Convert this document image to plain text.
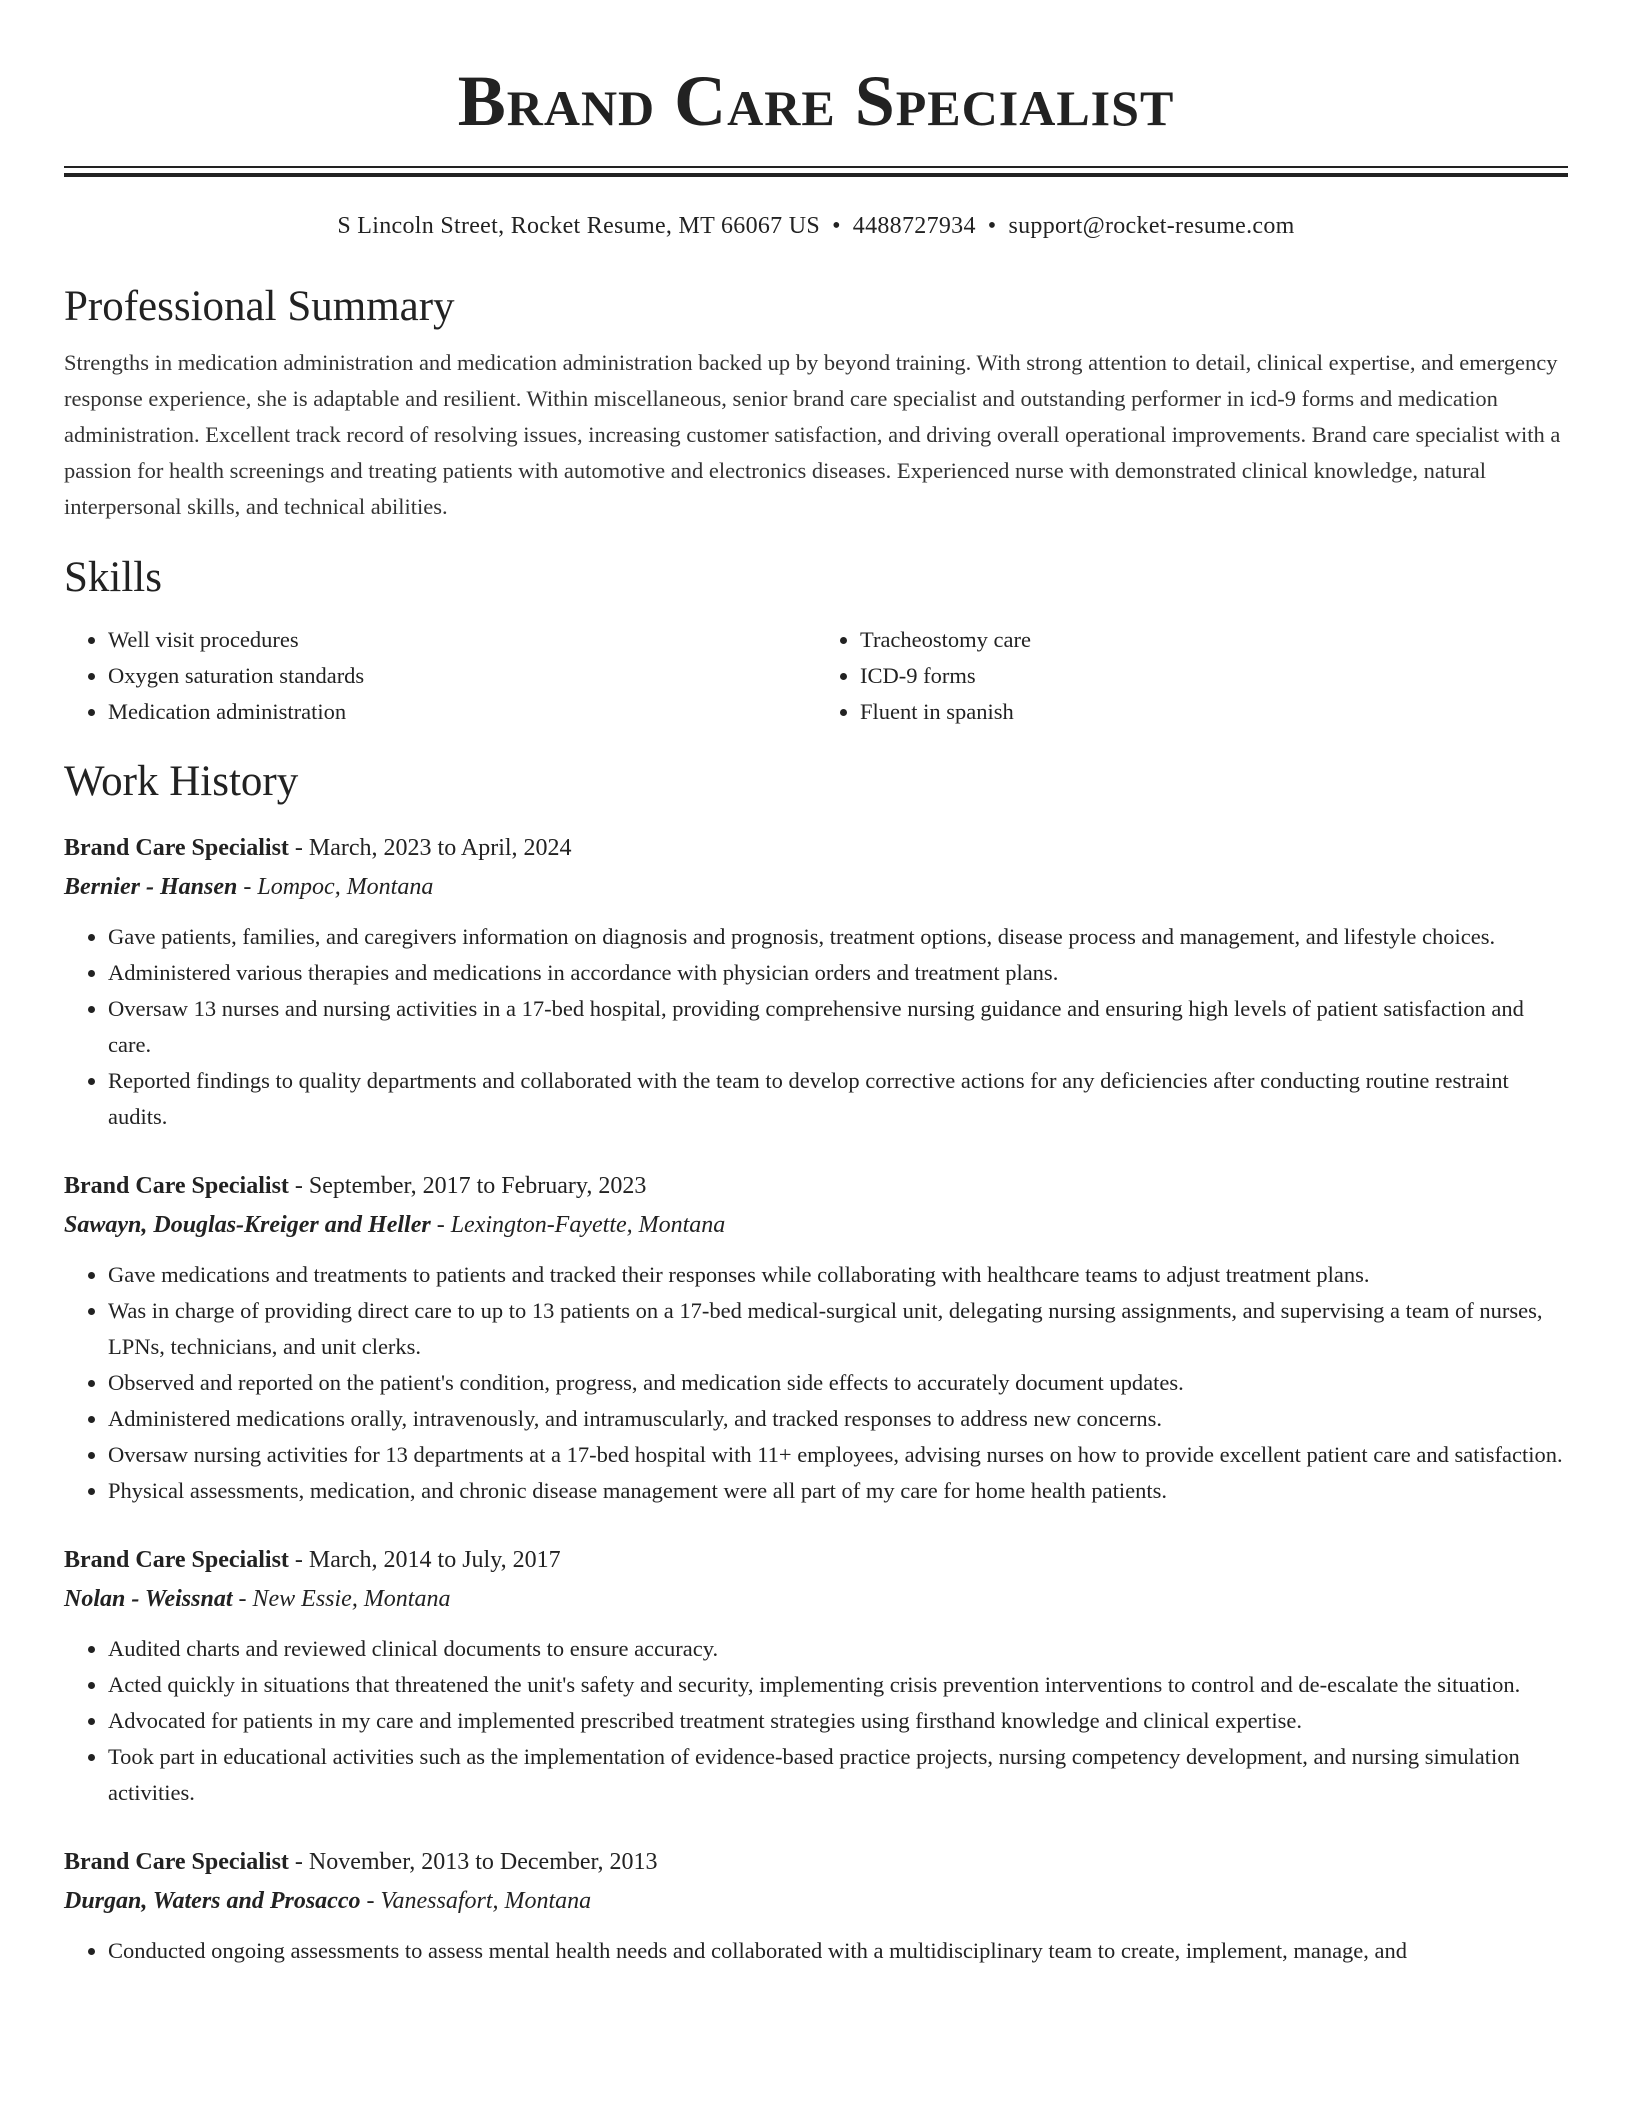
Brand Care Specialist
S Lincoln Street, Rocket Resume, MT 66067 US • 4488727934 • support@rocket-resume.com
Professional Summary

Strengths in medication administration and medication administration backed up by beyond training. With strong attention to detail, clinical expertise, and emergency response experience, she is adaptable and resilient. Within miscellaneous, senior brand care specialist and outstanding performer in icd-9 forms and medication administration. Excellent track record of resolving issues, increasing customer satisfaction, and driving overall operational improvements. Brand care specialist with a passion for health screenings and treating patients with automotive and electronics diseases. Experienced nurse with demonstrated clinical knowledge, natural interpersonal skills, and technical abilities.

Skills
• Well visit procedures
• Oxygen saturation standards
• Medication administration
• Tracheostomy care
• ICD-9 forms
• Fluent in spanish
Work History
Brand Care Specialist - March, 2023 to April, 2024
Bernier - Hansen - Lompoc, Montana
• Gave patients, families, and caregivers information on diagnosis and prognosis, treatment options, disease process and management, and lifestyle choices.
• Administered various therapies and medications in accordance with physician orders and treatment plans.
• Oversaw 13 nurses and nursing activities in a 17-bed hospital, providing comprehensive nursing guidance and ensuring high levels of patient satisfaction and care.
• Reported findings to quality departments and collaborated with the team to develop corrective actions for any deficiencies after conducting routine restraint audits.
Brand Care Specialist - September, 2017 to February, 2023
Sawayn, Douglas-Kreiger and Heller - Lexington-Fayette, Montana
• Gave medications and treatments to patients and tracked their responses while collaborating with healthcare teams to adjust treatment plans.
• Was in charge of providing direct care to up to 13 patients on a 17-bed medical-surgical unit, delegating nursing assignments, and supervising a team of nurses, LPNs, technicians, and unit clerks.
• Observed and reported on the patient's condition, progress, and medication side effects to accurately document updates.
• Administered medications orally, intravenously, and intramuscularly, and tracked responses to address new concerns.
• Oversaw nursing activities for 13 departments at a 17-bed hospital with 11+ employees, advising nurses on how to provide excellent patient care and satisfaction.
• Physical assessments, medication, and chronic disease management were all part of my care for home health patients.
Brand Care Specialist - March, 2014 to July, 2017
Nolan - Weissnat - New Essie, Montana
• Audited charts and reviewed clinical documents to ensure accuracy.
• Acted quickly in situations that threatened the unit's safety and security, implementing crisis prevention interventions to control and de-escalate the situation.
• Advocated for patients in my care and implemented prescribed treatment strategies using firsthand knowledge and clinical expertise.
• Took part in educational activities such as the implementation of evidence-based practice projects, nursing competency development, and nursing simulation activities.
Brand Care Specialist - November, 2013 to December, 2013
Durgan, Waters and Prosacco - Vanessafort, Montana
• Conducted ongoing assessments to assess mental health needs and collaborated with a multidisciplinary team to create, implement, manage, and
